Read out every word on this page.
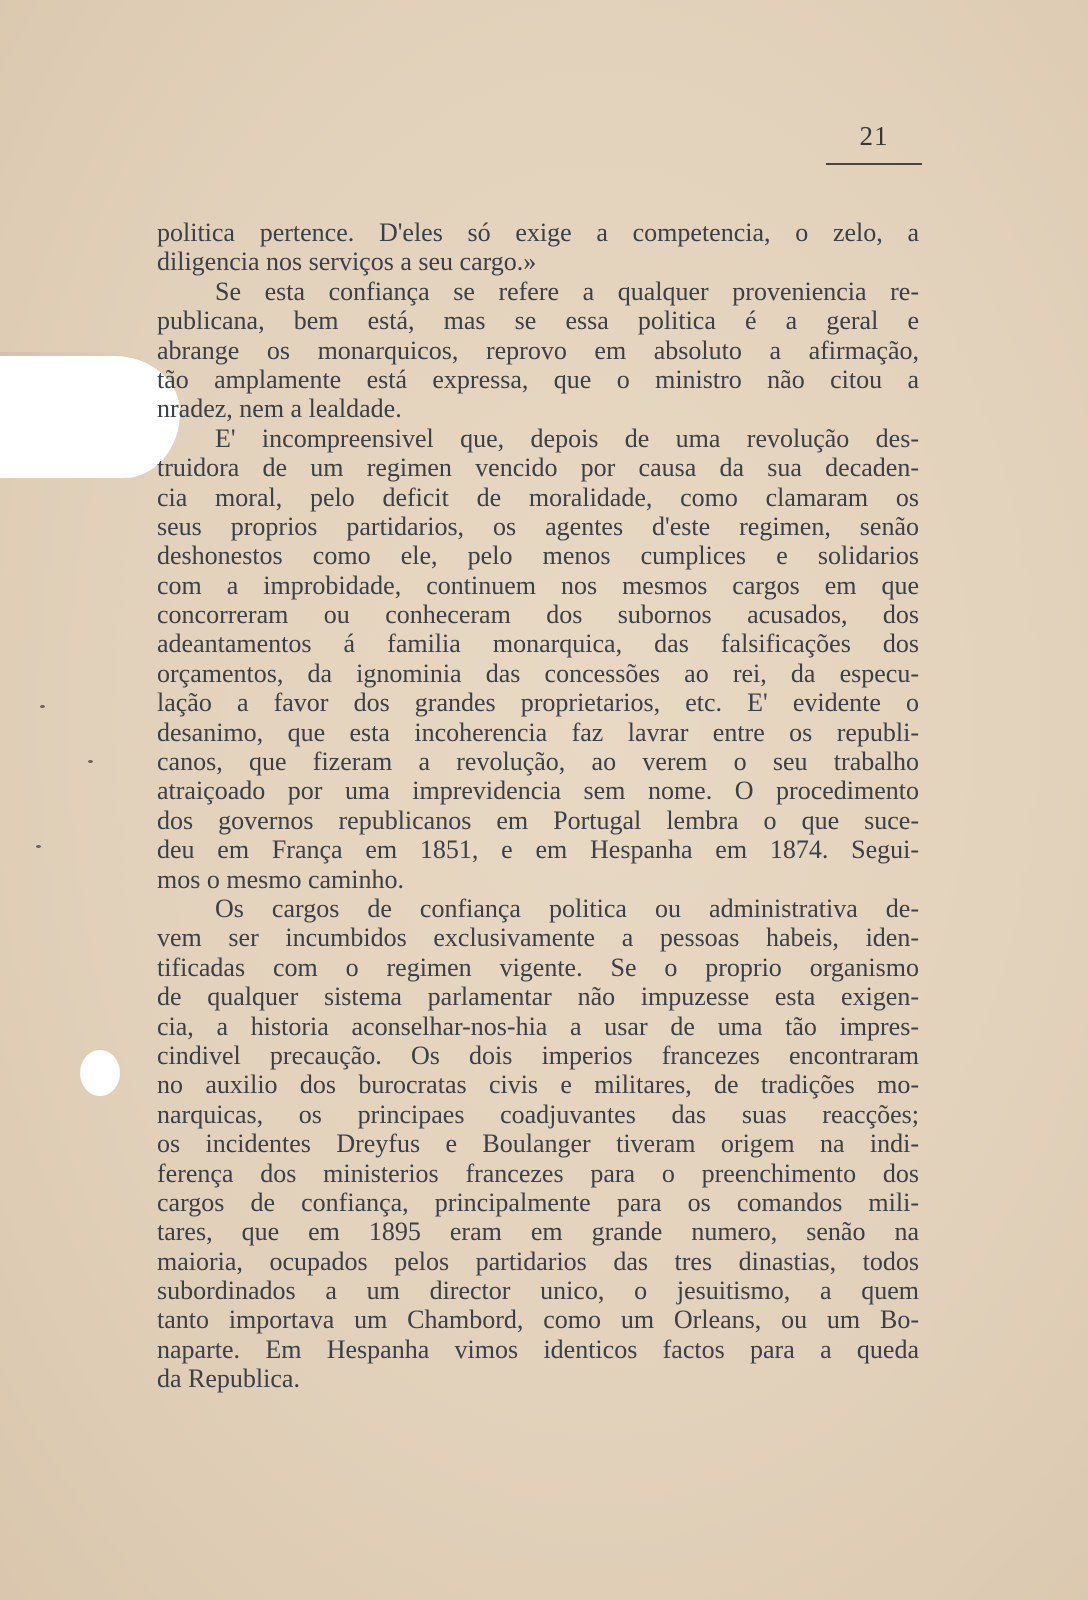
21
politica pertence. D'eles só exige a competencia, o zelo, a
diligencia nos serviços a seu cargo.»
Se esta confiança se refere a qualquer proveniencia re-
publicana, bem está, mas se essa politica é a geral e
abrange os monarquicos, reprovo em absoluto a afirmação,
tão amplamente está expressa, que o ministro não citou a
nradez, nem a lealdade.
E' incompreensivel que, depois de uma revolução des-
truidora de um regimen vencido por causa da sua decaden-
cia moral, pelo deficit de moralidade, como clamaram os
seus proprios partidarios, os agentes d'este regimen, senão
deshonestos como ele, pelo menos cumplices e solidarios
com a improbidade, continuem nos mesmos cargos em que
concorreram ou conheceram dos subornos acusados, dos
adeantamentos á familia monarquica, das falsificações dos
orçamentos, da ignominia das concessões ao rei, da especu-
lação a favor dos grandes proprietarios, etc. E' evidente o
desanimo, que esta incoherencia faz lavrar entre os republi-
canos, que fizeram a revolução, ao verem o seu trabalho
atraiçoado por uma imprevidencia sem nome. O procedimento
dos governos republicanos em Portugal lembra o que suce-
deu em França em 1851, e em Hespanha em 1874. Segui-
mos o mesmo caminho.
Os cargos de confiança politica ou administrativa de-
vem ser incumbidos exclusivamente a pessoas habeis, iden-
tificadas com o regimen vigente. Se o proprio organismo
de qualquer sistema parlamentar não impuzesse esta exigen-
cia, a historia aconselhar-nos-hia a usar de uma tão impres-
cindivel precaução. Os dois imperios francezes encontraram
no auxilio dos burocratas civis e militares, de tradições mo-
narquicas, os principaes coadjuvantes das suas reacções;
os incidentes Dreyfus e Boulanger tiveram origem na indi-
ferença dos ministerios francezes para o preenchimento dos
cargos de confiança, principalmente para os comandos mili-
tares, que em 1895 eram em grande numero, senão na
maioria, ocupados pelos partidarios das tres dinastias, todos
subordinados a um director unico, o jesuitismo, a quem
tanto importava um Chambord, como um Orleans, ou um Bo-
naparte. Em Hespanha vimos identicos factos para a queda
da Republica.
